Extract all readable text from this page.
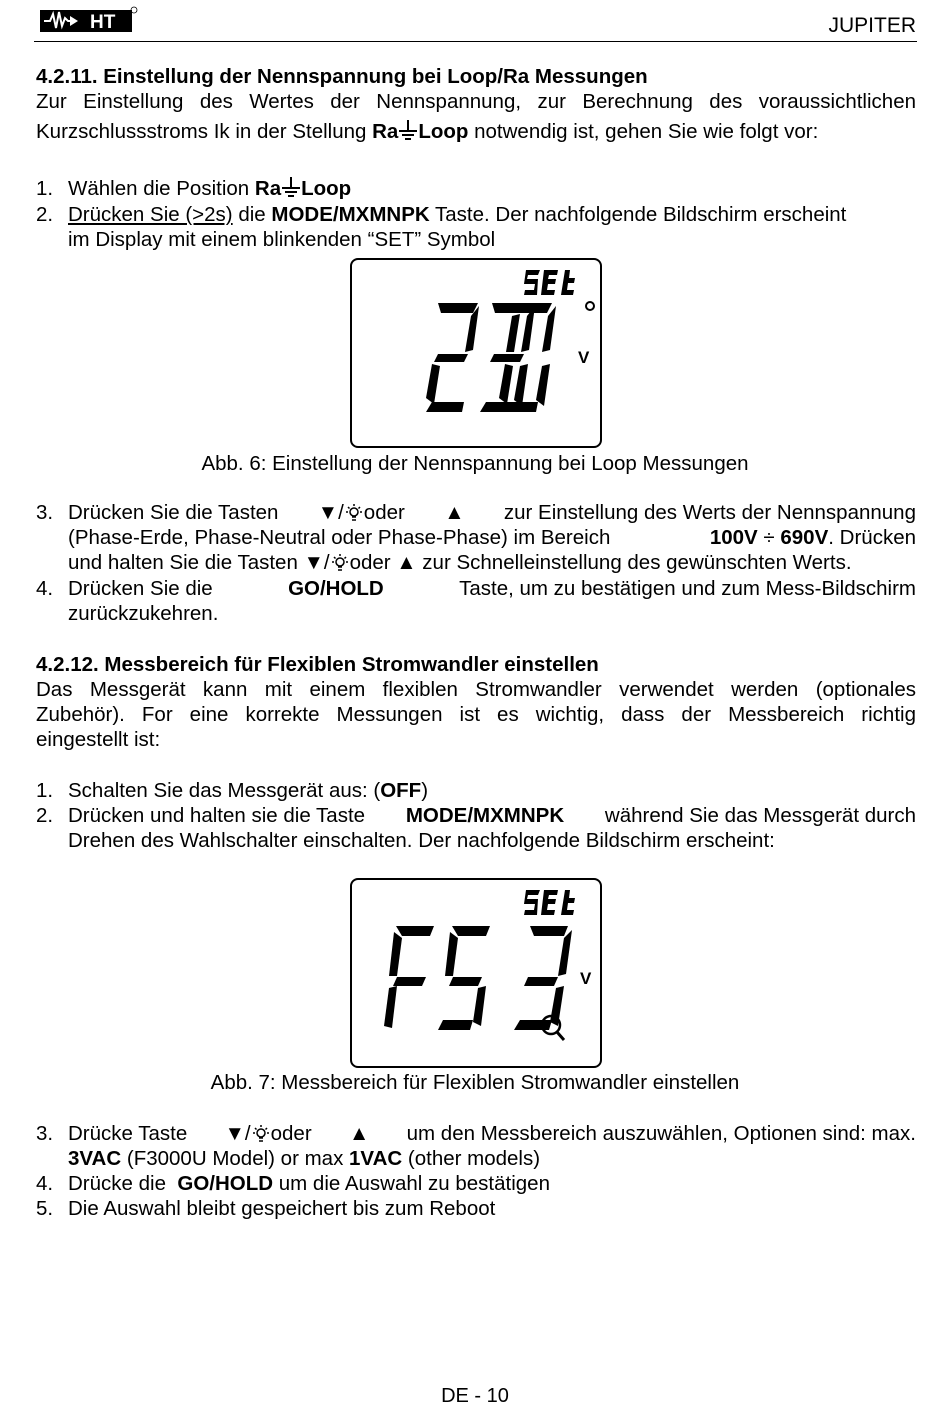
HT	JUPITER
4.2.11. Einstellung der Nennspannung bei Loop/Ra Messungen
Zur Einstellung des Wertes der Nennspannung, zur Berechnung des voraussichtlichen
Kurzschlussstroms Ik in der Stellung Ra Loop notwendig ist, gehen Sie wie folgt vor:
1. Wählen die Position Ra Loop
2. Drücken Sie (>2s) die MODE/MXMNPK Taste. Der nachfolgende Bildschirm erscheint
im Display mit einem blinkenden “SET” Symbol
V
Abb. 6: Einstellung der Nennspannung bei Loop Messungen
3. Drücken Sie die Tasten ▼/ oder ▲ zur Einstellung des Werts der Nennspannung
(Phase-Erde, Phase-Neutral oder Phase-Phase) im Bereich	100V ÷ 690V. Drücken
und halten Sie die Tasten ▼/ oder ▲ zur Schnelleinstellung des gewünschten Werts.
4. Drücken Sie die	GO/HOLD	Taste, um zu bestätigen und zum Mess-Bildschirm
zurückzukehren.
4.2.12. Messbereich für Flexiblen Stromwandler einstellen
Das Messgerät kann mit einem flexiblen Stromwandler verwendet werden (optionales
Zubehör). For eine korrekte Messungen ist es wichtig, dass der Messbereich richtig
eingestellt ist:
1. Schalten Sie das Messgerät aus: (OFF)
2. Drücken und halten sie die Taste MODE/MXMNPK während Sie das Messgerät durch
Drehen des Wahlschalter einschalten. Der nachfolgende Bildschirm erscheint:
V
Abb. 7: Messbereich für Flexiblen Stromwandler einstellen
3. Drücke Taste ▼/ oder ▲ um den Messbereich auszuwählen, Optionen sind: max.
3VAC (F3000U Model) or max 1VAC (other models)
4. Drücke die  GO/HOLD um die Auswahl zu bestätigen
5. Die Auswahl bleibt gespeichert bis zum Reboot
DE - 10
